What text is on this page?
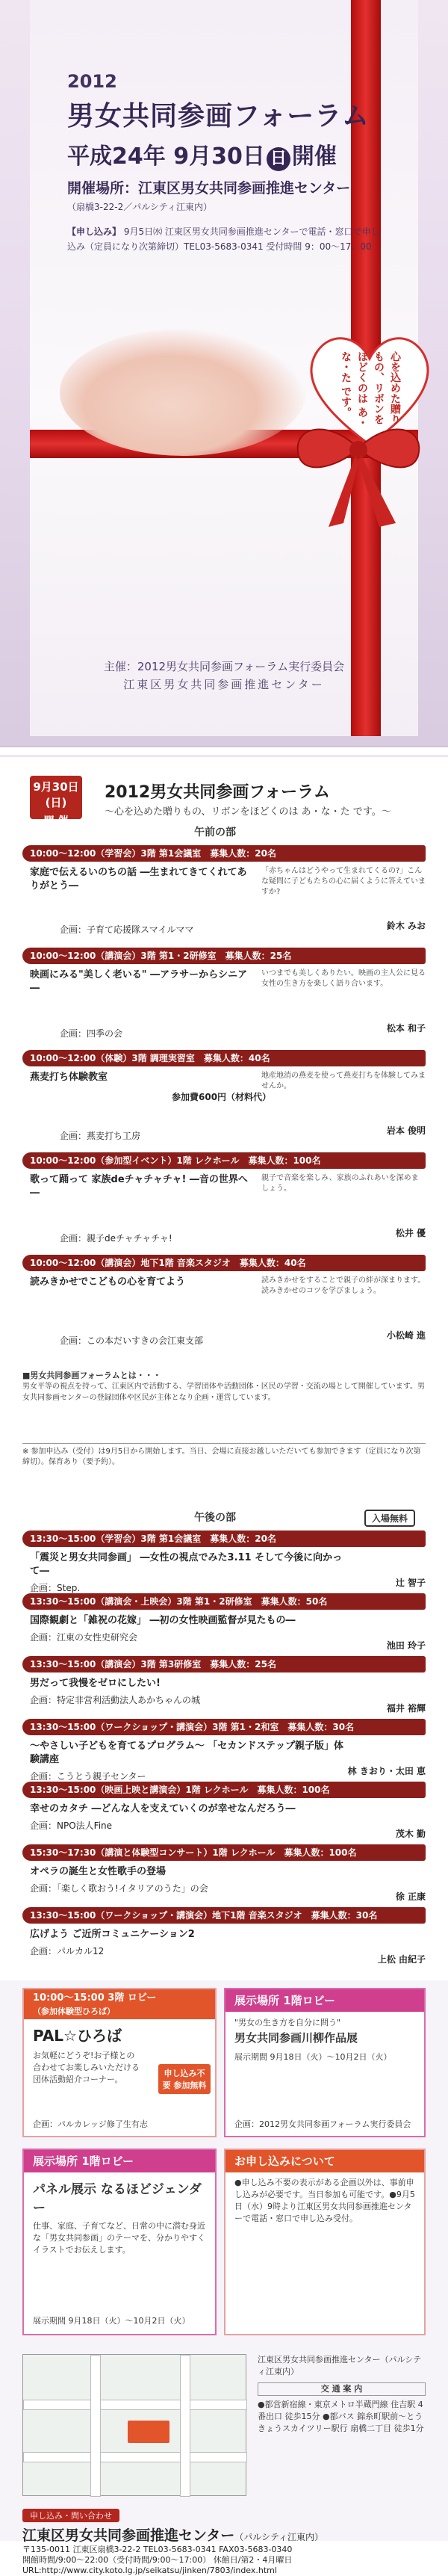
2012
男女共同参画フォーラム
平成24年 9月30日 日 開催
開催場所：江東区男女共同参画推進センター
（扇橋3-22-2／パルシティ江東内）
【申し込み】 9月5日㈬ 江東区男女共同参画推進センターで電話・窓口で申し込み（定員になり次第締切）TEL03-5683-0341 受付時間 9：00〜17：00
心を込めた贈りもの、リボンをほどくのは あ・な・た です。
主催：2012男女共同参画フォーラム実行委員会
江東区男女共同参画推進センター
9月30日(日)
開 催
2012男女共同参画フォーラム
〜心を込めた贈りもの、リボンをほどくのは あ・な・た です。〜
午前の部
10:00〜12:00（学習会）3階 第1会議室　募集人数：20名
家庭で伝えるいのちの話 ―生まれてきてくれてありがとう―
「赤ちゃんはどうやって生まれてくるの?」こんな疑問に子どもたちの心に届くように答えていますか?
企画：子育て応援隊スマイルママ	鈴木 みお
10:00〜12:00（講演会）3階 第1・2研修室　募集人数：25名
映画にみる"美しく老いる" ―アラサーからシニア―
いつまでも美しくありたい。映画の主人公に見る女性の生き方を楽しく語り合います。
企画：四季の会	松本 和子
10:00〜12:00（体験）3階 調理実習室　募集人数：40名
燕麦打ち体験教室
参加費600円（材料代）
地産地消の燕麦を使って燕麦打ちを体験してみませんか。
企画：燕麦打ち工房	岩本 俊明
10:00〜12:00（参加型イベント）1階 レクホール　募集人数：100名
歌って踊って 家族deチャチャチャ! ―音の世界へ―
親子で音楽を楽しみ、家族のふれあいを深めましょう。
企画：親子deチャチャチャ!	松井 優
10:00〜12:00（講演会）地下1階 音楽スタジオ　募集人数：40名
読みきかせでこどもの心を育てよう	読みきかせをすることで親子の絆が深まります。読みきかせのコツを学びましょう。
企画：この本だいすきの会江東支部	小松崎 進
■男女共同参画フォーラムとは・・・
男女平等の視点を持って、江東区内で活動する、学習団体や活動団体・区民の学習・交流の場として開催しています。男女共同参画センターの登録団体や区民が主体となり企画・運営しています。
※ 参加申込み（受付）は9月5日から開始します。当日、会場に直接お越しいただいても参加できます（定員になり次第締切）。保育あり（要予約）。
午後の部	入場無料
13:30〜15:00（学習会）3階 第1会議室　募集人数：20名
「震災と男女共同参画」 ―女性の視点でみた3.11 そして今後に向かって―
企画：Step.	辻 智子
13:30〜15:00（講演会・上映会）3階 第1・2研修室　募集人数：50名
国際観劇と「雑祝の花嫁」 ―初の女性映画監督が見たもの―
企画：江東の女性史研究会
池田 玲子
13:30〜15:00（講演会）3階 第3研修室　募集人数：25名
男だって我慢をゼロにしたい!
企画：特定非営利活動法人あかちゃんの城
福井 裕輝
13:30〜15:00（ワークショップ・講演会）3階 第1・2和室　募集人数：30名
〜やさしい子どもを育てるプログラム〜 「セカンドステップ親子版」体験講座
企画：こうとう親子センター	林 きおり・太田 恵
13:30〜15:00（映画上映と講演会）1階 レクホール　募集人数：100名
幸せのカタチ ―どんな人を支えていくのが幸せなんだろう―
企画：NPO法人Fine
茂木 勤
15:30〜17:30（講演と体験型コンサート）1階 レクホール　募集人数：100名
オペラの誕生と女性歌手の登場
企画：「楽しく歌おう!イタリアのうた」の会
徐 正康
13:30〜15:00（ワークショップ・講演会）地下1階 音楽スタジオ　募集人数：30名
広げよう ご近所コミュニケーション2
企画：パルカル12
上松 由紀子
10:00〜15:00 3階 ロビー
（参加体験型ひろば）
PAL☆ひろば

お気軽にどうぞ!お子様との合わせてお楽しみいただける団体活動紹介コーナー。

申し込み不要 参加無料
企画：パルカレッジ修了生有志
展示場所 1階ロビー
"男女の生き方を自分に問う"
男女共同参画川柳作品展

展示期間 9月18日（火）〜10月2日（火）

企画：2012男女共同参画フォーラム実行委員会
展示場所 1階ロビー
パネル展示 なるほどジェンダー

仕事、家庭、子育てなど、日常の中に潜む身近な「男女共同参画」のテーマを、分かりやすくイラストでお伝えします。

展示期間 9月18日（火）〜10月2日（火）
お申し込みについて

●申し込み不要の表示がある企画以外は、事前申し込みが必要です。当日参加も可能です。●9月5日（水）9時より江東区男女共同参画推進センターで電話・窓口で申し込み受付。

江東区男女共同参画推進センター（パルシティ江東内）
交 通 案 内
●都営新宿線・東京メトロ半蔵門線 住吉駅 4番出口 徒歩15分 ●都バス 錦糸町駅前〜とうきょうスカイツリー駅行 扇橋二丁目 徒歩1分
申し込み・問い合わせ
江東区男女共同参画推進センター（パルシティ江東内）
〒135-0011 江東区扇橋3-22-2 TEL03-5683-0341 FAX03-5683-0340
開館時間/9:00〜22:00（受付時間/9:00〜17:00） 休館日/第2・4月曜日
URL:http://www.city.koto.lg.jp/seikatsu/jinken/7803/index.html
